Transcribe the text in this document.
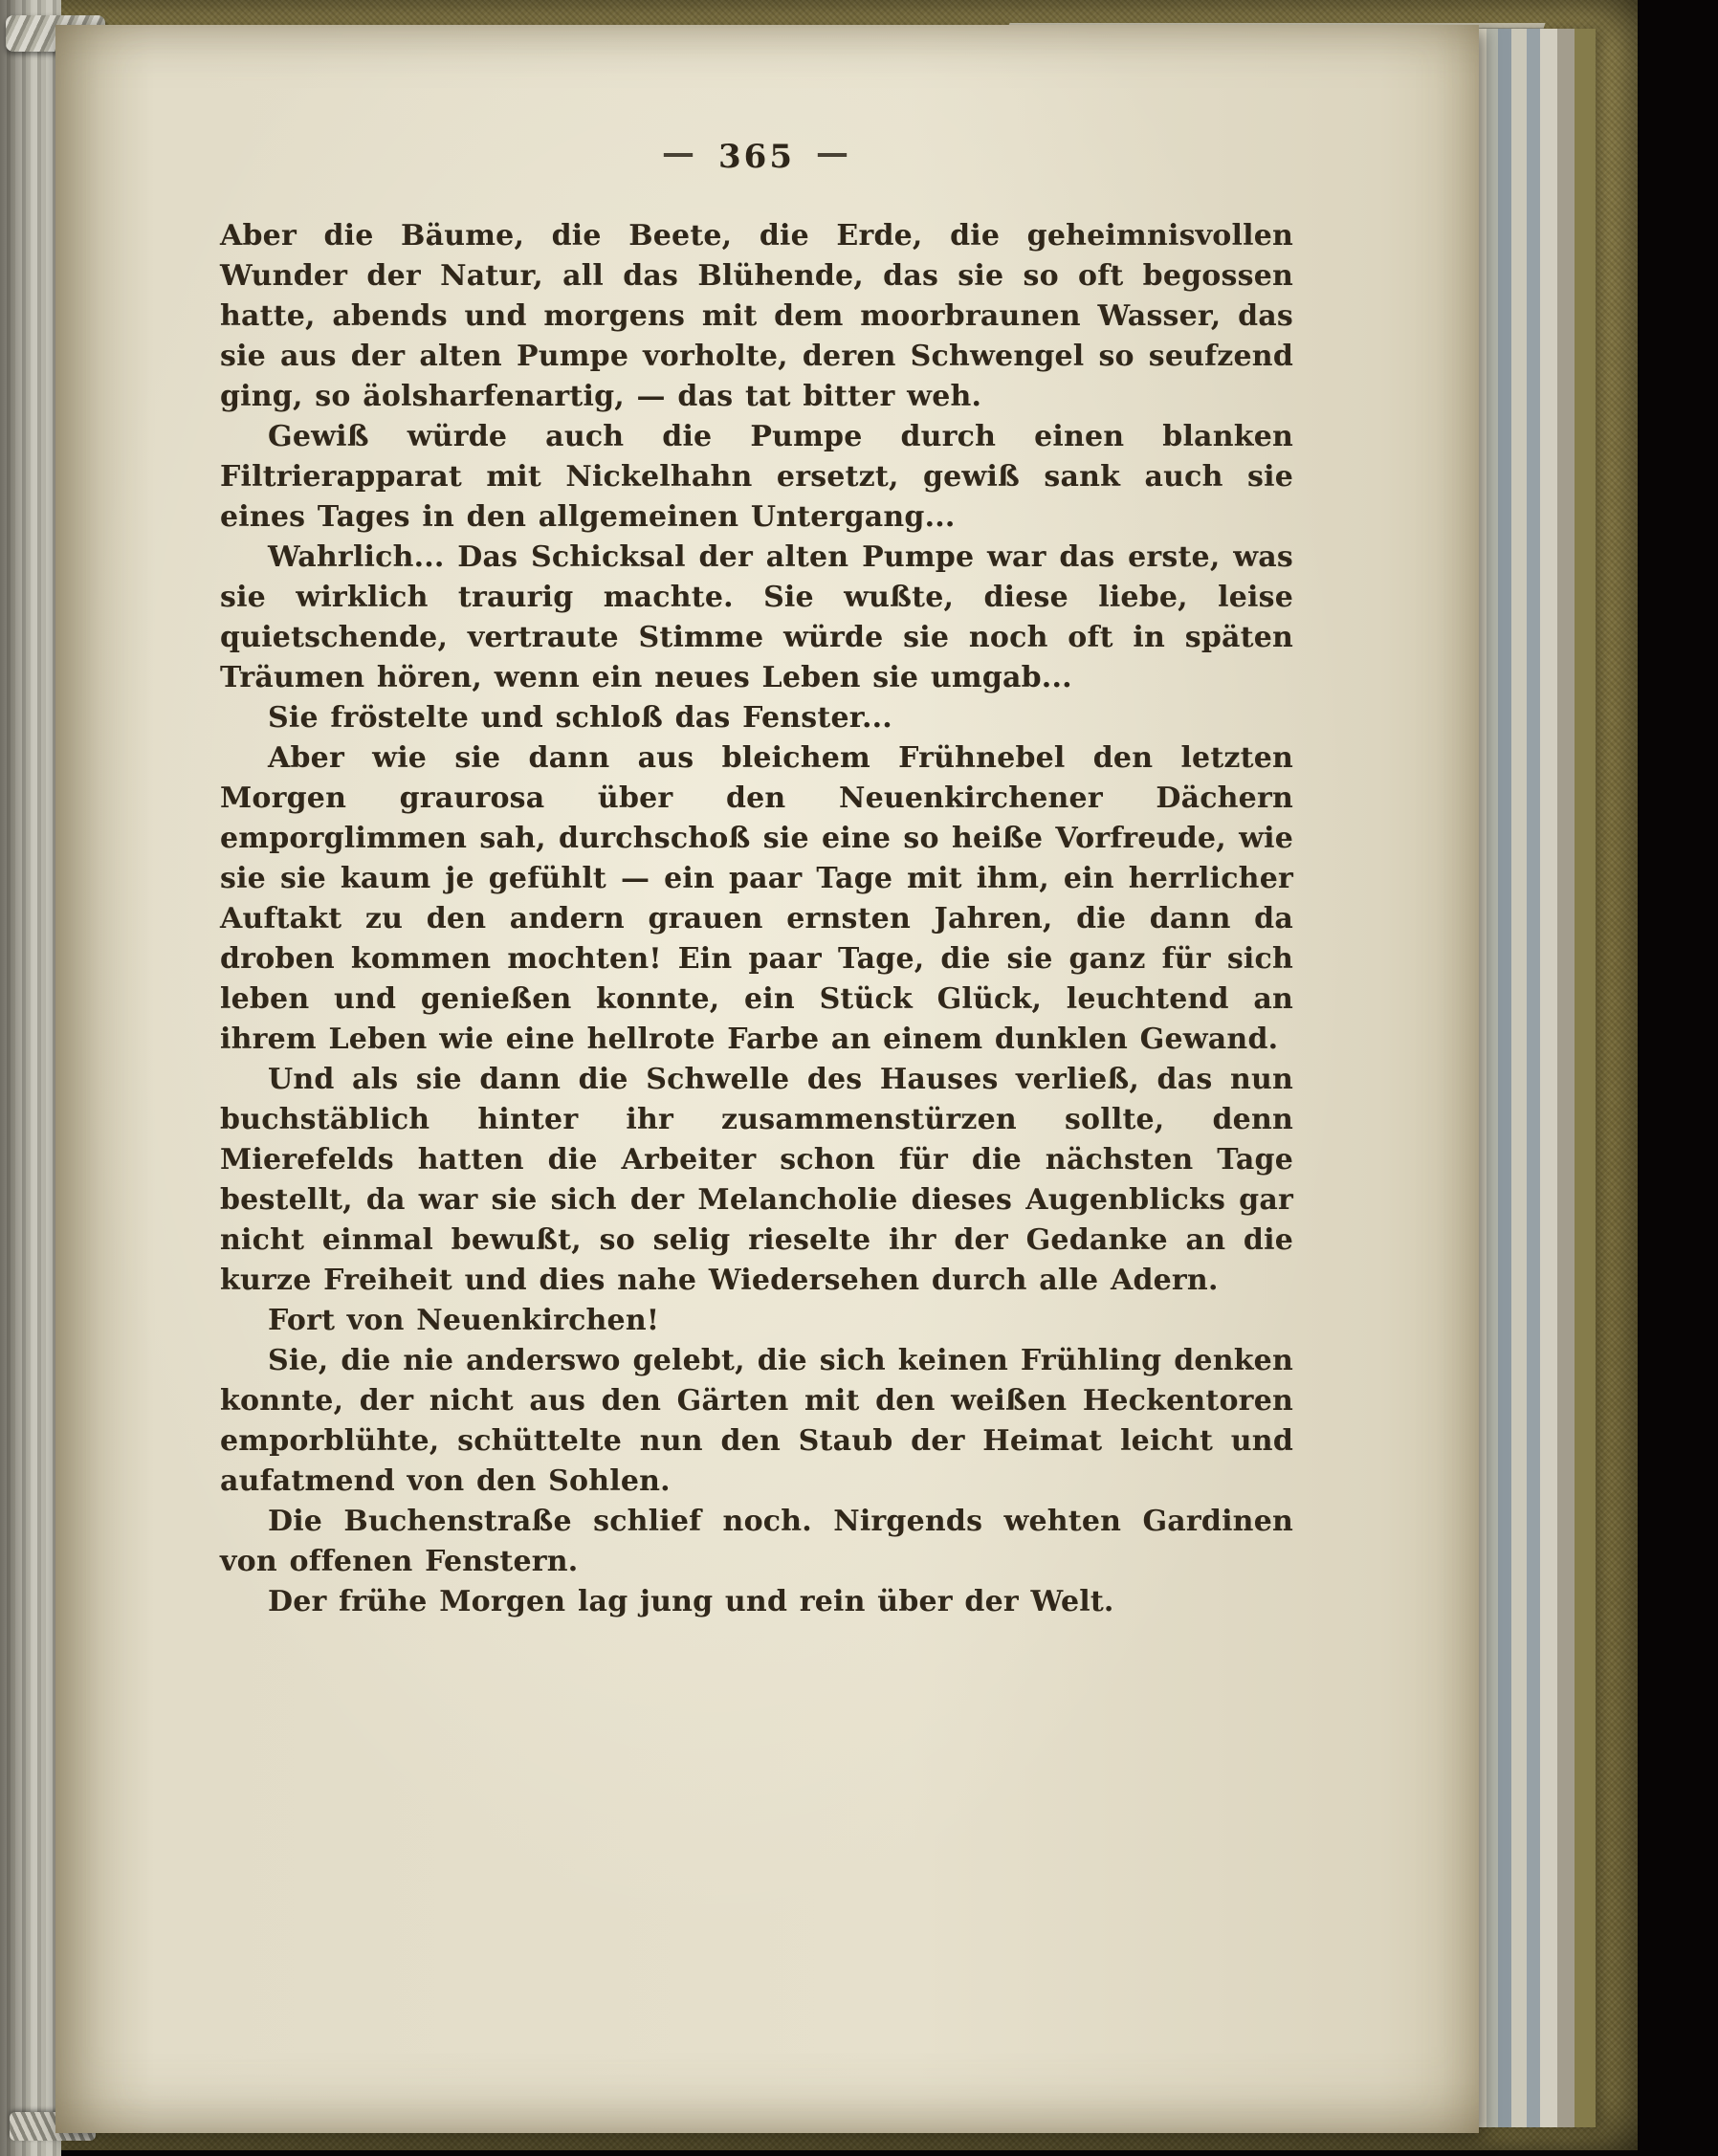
— 365 —

Aber die Bäume, die Beete, die Erde, die geheimnisvollen Wunder der Natur, all das Blühende, das sie so oft begossen hatte, abends und morgens mit dem moorbraunen Wasser, das sie aus der alten Pumpe vorholte, deren Schwengel so seufzend ging, so äolsharfenartig, — das tat bitter weh.

Gewiß würde auch die Pumpe durch einen blanken Filtrierapparat mit Nickelhahn ersetzt, gewiß sank auch sie eines Tages in den allgemeinen Untergang...

Wahrlich... Das Schicksal der alten Pumpe war das erste, was sie wirklich traurig machte. Sie wußte, diese liebe, leise quietschende, vertraute Stimme würde sie noch oft in späten Träumen hören, wenn ein neues Leben sie umgab...

Sie fröstelte und schloß das Fenster...

Aber wie sie dann aus bleichem Frühnebel den letzten Morgen graurosa über den Neuenkirchener Dächern emporglimmen sah, durchschoß sie eine so heiße Vorfreude, wie sie sie kaum je gefühlt — ein paar Tage mit ihm, ein herrlicher Auftakt zu den andern grauen ernsten Jahren, die dann da droben kommen mochten! Ein paar Tage, die sie ganz für sich leben und genießen konnte, ein Stück Glück, leuchtend an ihrem Leben wie eine hellrote Farbe an einem dunklen Gewand.

Und als sie dann die Schwelle des Hauses verließ, das nun buchstäblich hinter ihr zusammenstürzen sollte, denn Mierefelds hatten die Arbeiter schon für die nächsten Tage bestellt, da war sie sich der Melancholie dieses Augenblicks gar nicht einmal bewußt, so selig rieselte ihr der Gedanke an die kurze Freiheit und dies nahe Wiedersehen durch alle Adern.

Fort von Neuenkirchen!

Sie, die nie anderswo gelebt, die sich keinen Frühling denken konnte, der nicht aus den Gärten mit den weißen Heckentoren emporblühte, schüttelte nun den Staub der Heimat leicht und aufatmend von den Sohlen.

Die Buchenstraße schlief noch. Nirgends wehten Gardinen von offenen Fenstern.

Der frühe Morgen lag jung und rein über der Welt.
